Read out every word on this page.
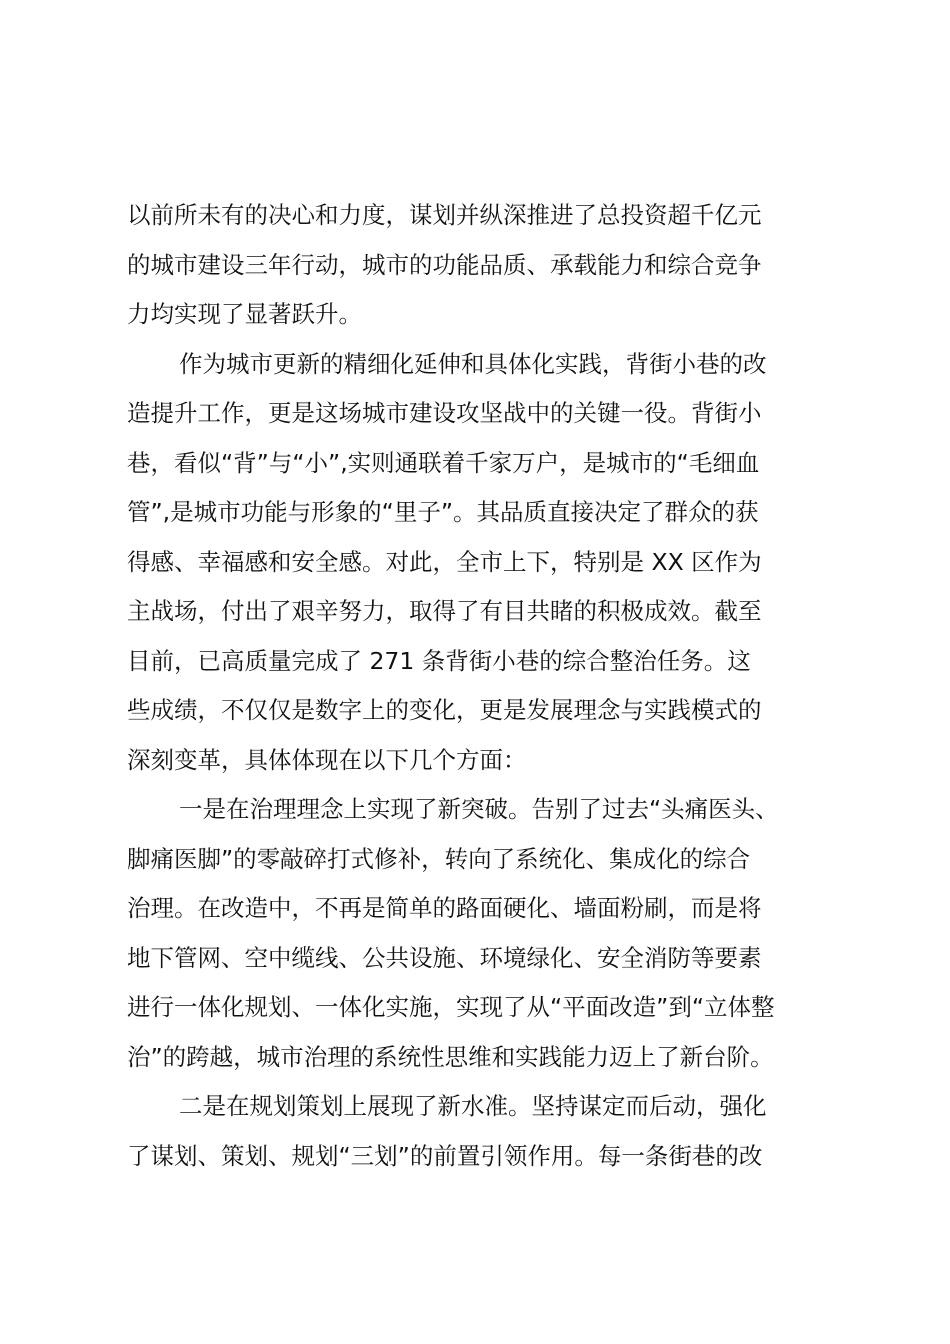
以前所未有的决心和力度，谋划并纵深推进了总投资超千亿元
的城市建设三年行动，城市的功能品质、承载能力和综合竞争
力均实现了显著跃升。
作为城市更新的精细化延伸和具体化实践，背街小巷的改
造提升工作，更是这场城市建设攻坚战中的关键一役。背街小
巷，看似“背”与“小”,实则通联着千家万户，是城市的“毛细血
管”,是城市功能与形象的“里子”。其品质直接决定了群众的获
得感、幸福感和安全感。对此，全市上下，特别是 XX 区作为
主战场，付出了艰辛努力，取得了有目共睹的积极成效。截至
目前，已高质量完成了 271 条背街小巷的综合整治任务。这
些成绩，不仅仅是数字上的变化，更是发展理念与实践模式的
深刻变革，具体体现在以下几个方面：
一是在治理理念上实现了新突破。告别了过去“头痛医头、
脚痛医脚”的零敲碎打式修补，转向了系统化、集成化的综合
治理。在改造中，不再是简单的路面硬化、墙面粉刷，而是将
地下管网、空中缆线、公共设施、环境绿化、安全消防等要素
进行一体化规划、一体化实施，实现了从“平面改造”到“立体整
治”的跨越，城市治理的系统性思维和实践能力迈上了新台阶。
二是在规划策划上展现了新水准。坚持谋定而后动，强化
了谋划、策划、规划“三划”的前置引领作用。每一条街巷的改
